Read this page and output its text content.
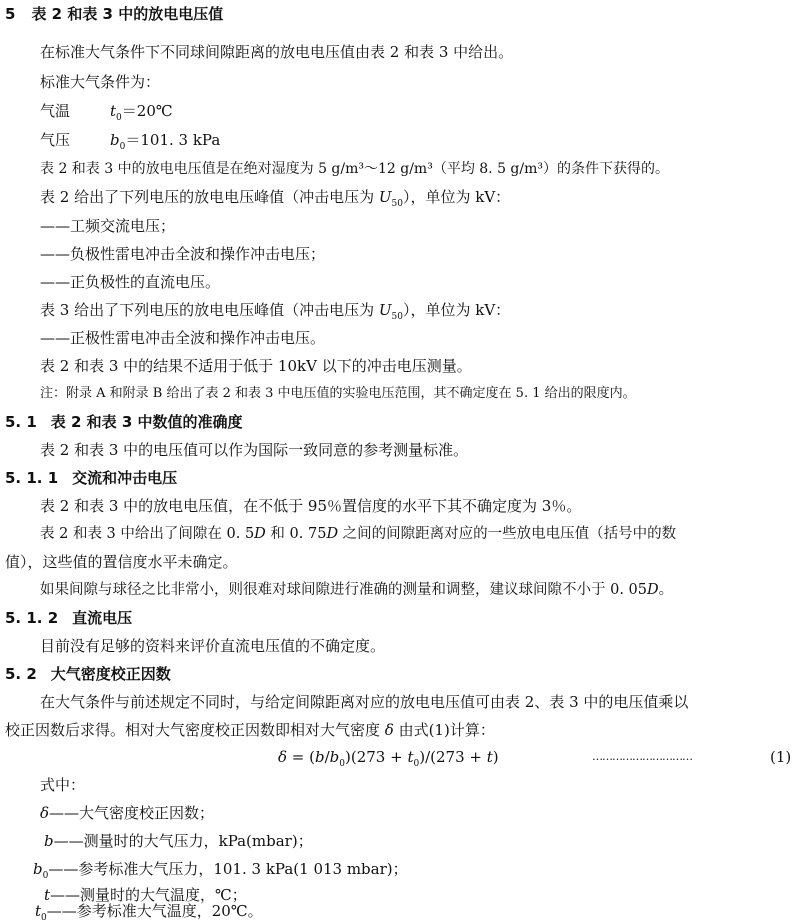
5 表 2 和表 3 中的放电电压值
在标准大气条件下不同球间隙距离的放电电压值由表 2 和表 3 中给出。
标准大气条件为：
气温	$t_0=20℃$
气压	$b_0=101$. 3 kPa
表 2 和表 3 中的放电电压值是在绝对湿度为 5 g/m³～12 g/m³（平均 8. 5 g/m³）的条件下获得的。
表 2 给出了下列电压的放电电压峰值（冲击电压为 $U_{50}$），单位为 kV：
——工频交流电压；
——负极性雷电冲击全波和操作冲击电压；
——正负极性的直流电压。
表 3 给出了下列电压的放电电压峰值（冲击电压为 $U_{50}$），单位为 kV：
——正极性雷电冲击全波和操作冲击电压。
表 2 和表 3 中的结果不适用于低于 10kV 以下的冲击电压测量。
注：附录 A 和附录 B 给出了表 2 和表 3 中电压值的实验电压范围，其不确定度在 5. 1 给出的限度内。
5. 1 表 2 和表 3 中数值的准确度
表 2 和表 3 中的电压值可以作为国际一致同意的参考测量标准。
5. 1. 1 交流和冲击电压
表 2 和表 3 中的放电电压值，在不低于 95％置信度的水平下其不确定度为 3％。
表 2 和表 3 中给出了间隙在 0. 5D 和 0. 75D 之间的间隙距离对应的一些放电电压值（括号中的数
值），这些值的置信度水平未确定。
如果间隙与球径之比非常小，则很难对球间隙进行准确的测量和调整，建议球间隙不小于 0. 05D。
5. 1. 2 直流电压
目前没有足够的资料来评价直流电压值的不确定度。
5. 2 大气密度校正因数
在大气条件与前述规定不同时，与给定间隙距离对应的放电电压值可由表 2、表 3 中的电压值乘以
校正因数后求得。相对大气密度校正因数即相对大气密度 δ 由式(1)计算：
$\delta = (b/b_0)(273 + t_0)/(273 + t)$	…………………………	(1)
式中：
δ——大气密度校正因数；
b——测量时的大气压力，kPa(mbar)；
$b_0——$参考标准大气压力，101. 3 kPa(1 013 mbar)；
t——测量时的大气温度，℃；
$t_0——$参考标准大气温度，20℃。
